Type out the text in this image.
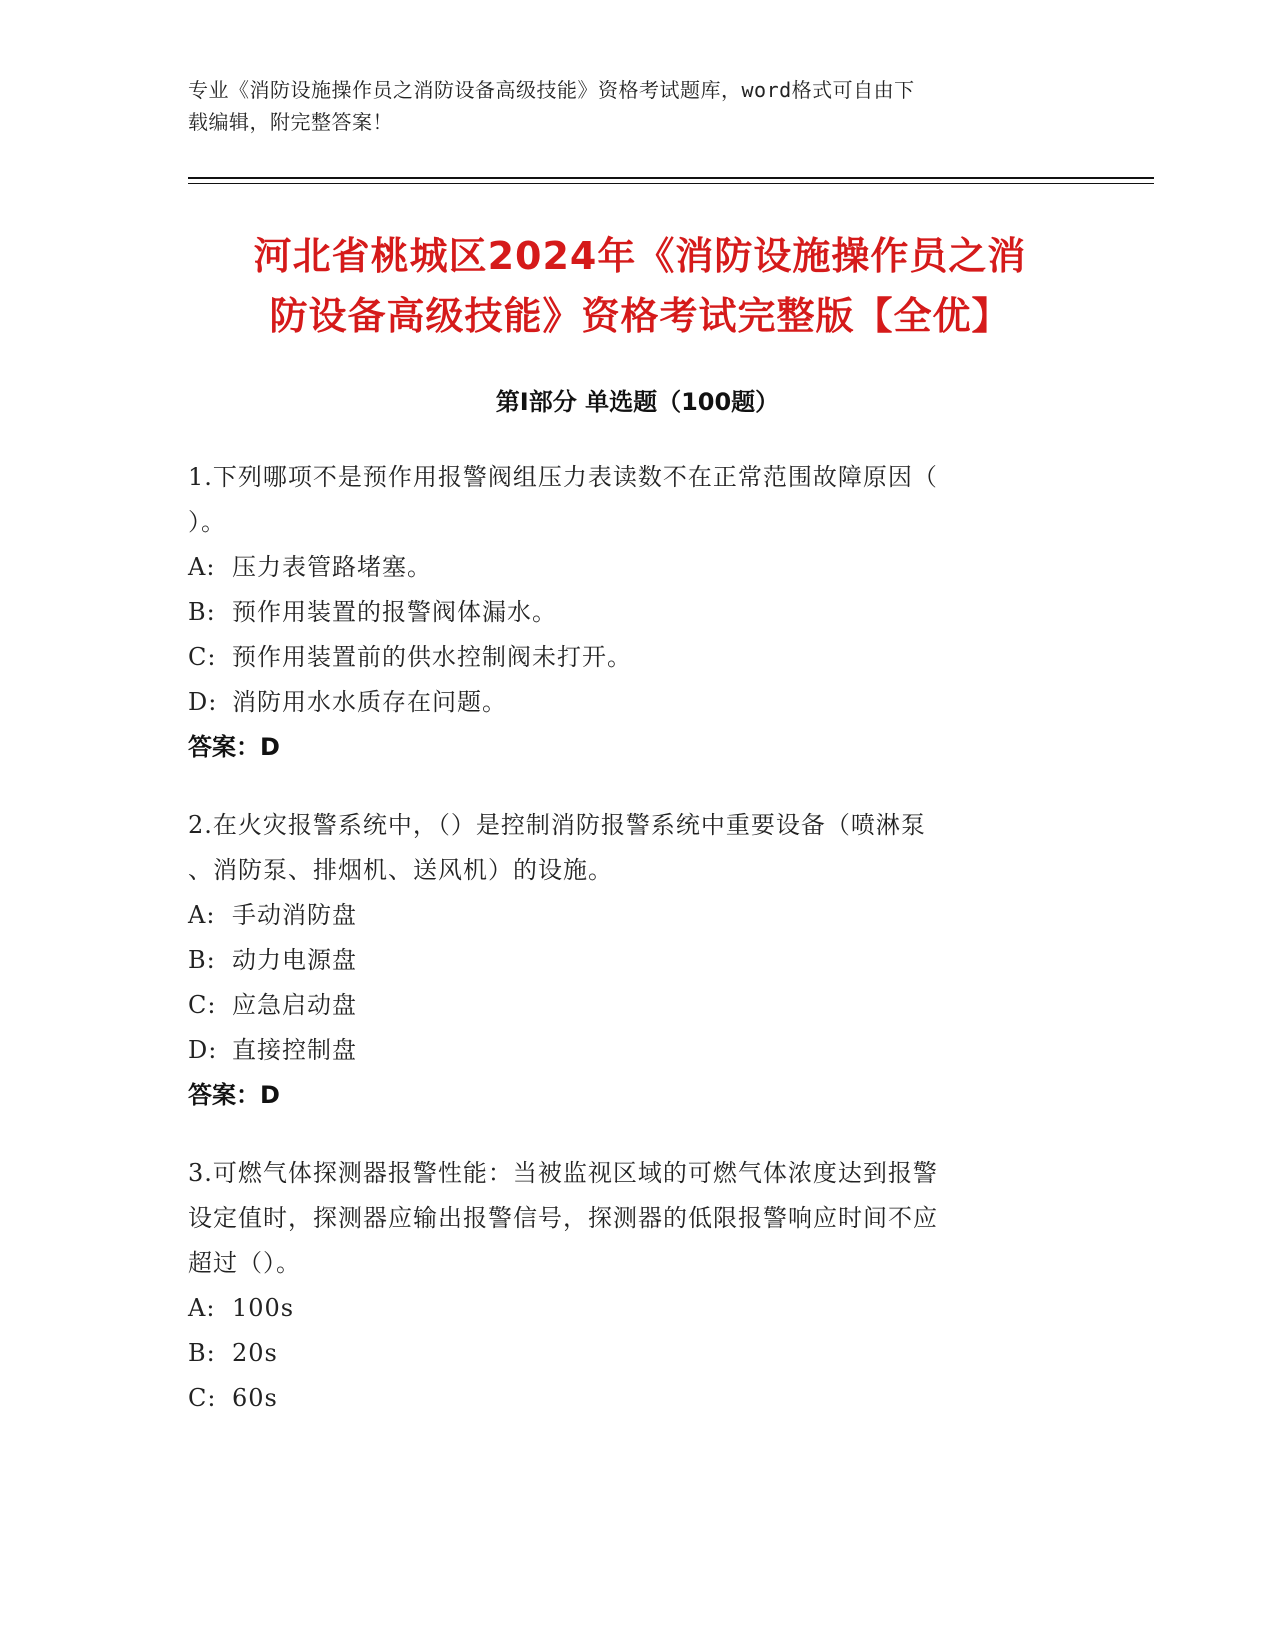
专业《消防设施操作员之消防设备高级技能》资格考试题库，word格式可自由下
载编辑，附完整答案！
河北省桃城区2024年《消防设施操作员之消
防设备高级技能》资格考试完整版【全优】
第Ⅰ部分 单选题（100题）
1.下列哪项不是预作用报警阀组压力表读数不在正常范围故障原因（
）。
A: 压力表管路堵塞。
B: 预作用装置的报警阀体漏水。
C: 预作用装置前的供水控制阀未打开。
D: 消防用水水质存在问题。
答案：D
2.在火灾报警系统中，（）是控制消防报警系统中重要设备（喷淋泵
、消防泵、排烟机、送风机）的设施。
A: 手动消防盘
B: 动力电源盘
C: 应急启动盘
D: 直接控制盘
答案：D
3.可燃气体探测器报警性能：当被监视区域的可燃气体浓度达到报警
设定值时，探测器应输出报警信号，探测器的低限报警响应时间不应
超过（）。
A: 100s
B: 20s
C: 60s
